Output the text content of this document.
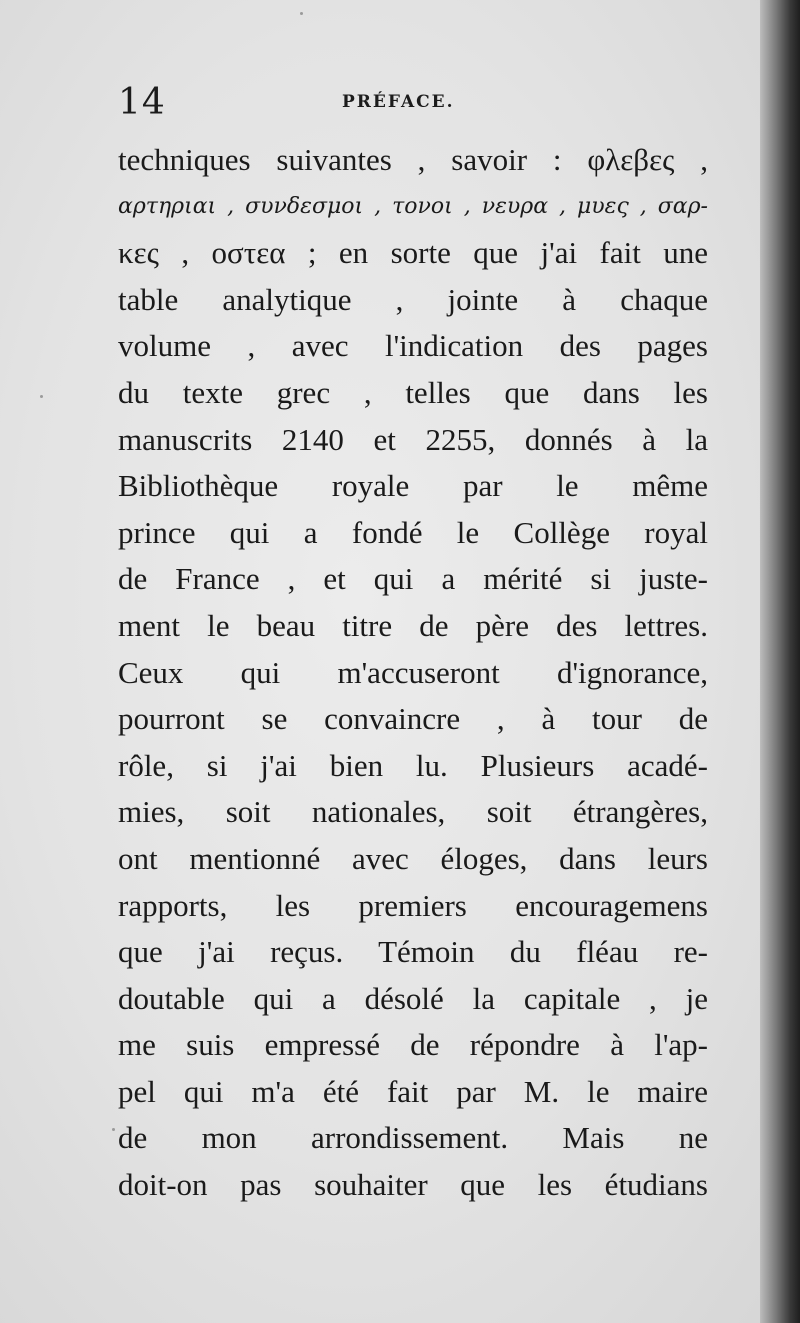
14	PRÉFACE.
techniques suivantes , savoir : φλεβες ,
αρτηριαι , συνδεσμοι , τονοι , νευρα , μυες , σαρ-
κες , οστεα ; en sorte que j'ai fait une
table analytique , jointe à chaque
volume , avec l'indication des pages
du texte grec , telles que dans les
manuscrits 2140 et 2255, donnés à la
Bibliothèque royale par le même
prince qui a fondé le Collège royal
de France , et qui a mérité si juste-
ment le beau titre de père des lettres.
Ceux qui m'accuseront d'ignorance,
pourront se convaincre , à tour de
rôle, si j'ai bien lu. Plusieurs acadé-
mies, soit nationales, soit étrangères,
ont mentionné avec éloges, dans leurs
rapports, les premiers encouragemens
que j'ai reçus. Témoin du fléau re-
doutable qui a désolé la capitale , je
me suis empressé de répondre à l'ap-
pel qui m'a été fait par M. le maire
de mon arrondissement. Mais ne
doit-on pas souhaiter que les étudians
